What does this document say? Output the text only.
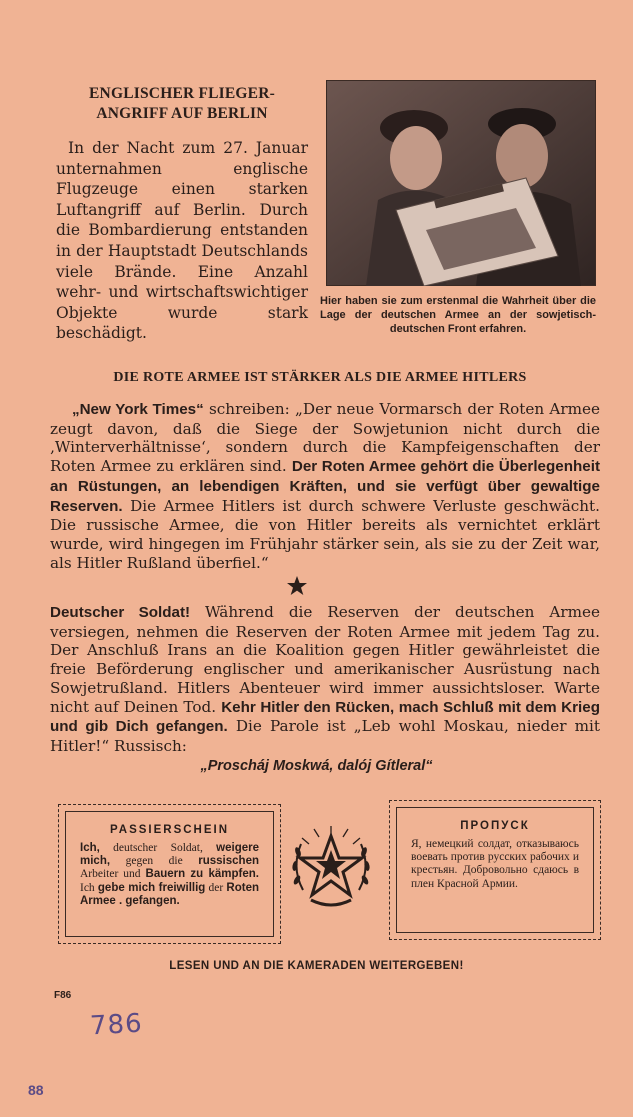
ENGLISCHER FLIEGER-
ANGRIFF AUF BERLIN

In der Nacht zum 27. Januar unternahmen englische Flugzeuge einen starken Luftangriff auf Berlin. Durch die Bombardierung entstanden in der Hauptstadt Deutschlands viele Brände. Eine Anzahl wehr- und wirtschaftswichtiger Objekte wurde stark beschädigt.

Hier haben sie zum erstenmal die Wahrheit über die Lage der deutschen Armee an der sowjetisch-deutschen Front erfahren.

DIE ROTE ARMEE IST STÄRKER ALS DIE ARMEE HITLERS

„New York Times“ schreiben: „Der neue Vormarsch der Roten Armee zeugt davon, daß die Siege der Sowjetunion nicht durch die ‚Winterverhältnisse‘, sondern durch die Kampfeigenschaften der Roten Armee zu erklären sind. Der Roten Armee gehört die Überlegenheit an Rüstungen, an lebendigen Kräften, und sie verfügt über gewaltige Reserven. Die Armee Hitlers ist durch schwere Verluste geschwächt. Die russische Armee, die von Hitler bereits als vernichtet erklärt wurde, wird hingegen im Frühjahr stärker sein, als sie zu der Zeit war, als Hitler Rußland überfiel.“

Deutscher Soldat! Während die Reserven der deutschen Armee versiegen, nehmen die Reserven der Roten Armee mit jedem Tag zu. Der Anschluß Irans an die Koalition gegen Hitler gewährleistet die freie Beförderung englischer und amerikanischer Ausrüstung nach Sowjetrußland. Hitlers Abenteuer wird immer aussichtsloser. Warte nicht auf Deinen Tod. Kehr Hitler den Rücken, mach Schluß mit dem Krieg und gib Dich gefangen. Die Parole ist „Leb wohl Moskau, nieder mit Hitler!“ Russisch:

„Proscháj Moskwá, dalój Gítleral“

PASSIERSCHEIN

Ich, deutscher Soldat, weigere mich, gegen die russischen Arbeiter und Bauern zu kämpfen. Ich gebe mich freiwillig der Roten Armee . gefangen.

ПРОПУСК

Я, немецкий солдат, отказываюсь воевать против русских рабочих и крестьян. Добровольно сдаюсь в плен Красной Армии.

LESEN UND AN DIE KAMERADEN WEITERGEBEN!

F86
786
88
